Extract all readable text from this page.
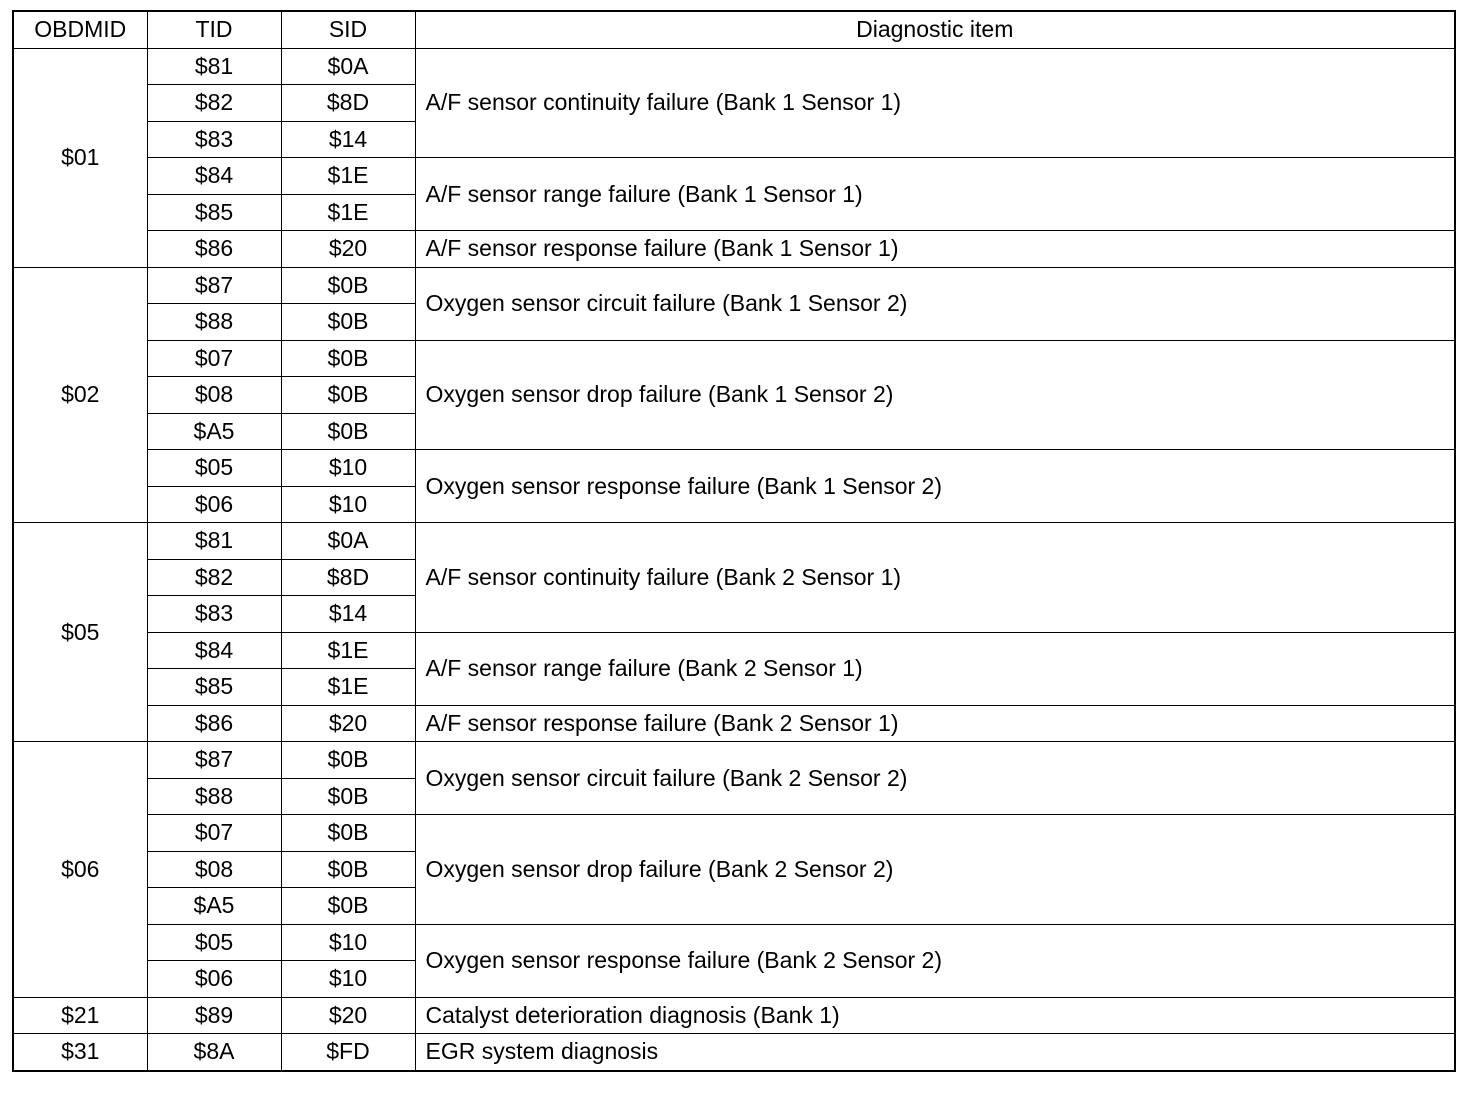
OBDMID	TID	SID	Diagnostic item
$01	$81	$0A	A/F sensor continuity failure (Bank 1 Sensor 1)
	$82	$8D	
	$83	$14	
	$84	$1E	A/F sensor range failure (Bank 1 Sensor 1)
	$85	$1E	
	$86	$20	A/F sensor response failure (Bank 1 Sensor 1)
$02	$87	$0B	Oxygen sensor circuit failure (Bank 1 Sensor 2)
	$88	$0B	
	$07	$0B	Oxygen sensor drop failure (Bank 1 Sensor 2)
	$08	$0B	
	$A5	$0B	
	$05	$10	Oxygen sensor response failure (Bank 1 Sensor 2)
	$06	$10	
$05	$81	$0A	A/F sensor continuity failure (Bank 2 Sensor 1)
	$82	$8D	
	$83	$14	
	$84	$1E	A/F sensor range failure (Bank 2 Sensor 1)
	$85	$1E	
	$86	$20	A/F sensor response failure (Bank 2 Sensor 1)
$06	$87	$0B	Oxygen sensor circuit failure (Bank 2 Sensor 2)
	$88	$0B	
	$07	$0B	Oxygen sensor drop failure (Bank 2 Sensor 2)
	$08	$0B	
	$A5	$0B	
	$05	$10	Oxygen sensor response failure (Bank 2 Sensor 2)
	$06	$10	
$21	$89	$20	Catalyst deterioration diagnosis (Bank 1)
$31	$8A	$FD	EGR system diagnosis
